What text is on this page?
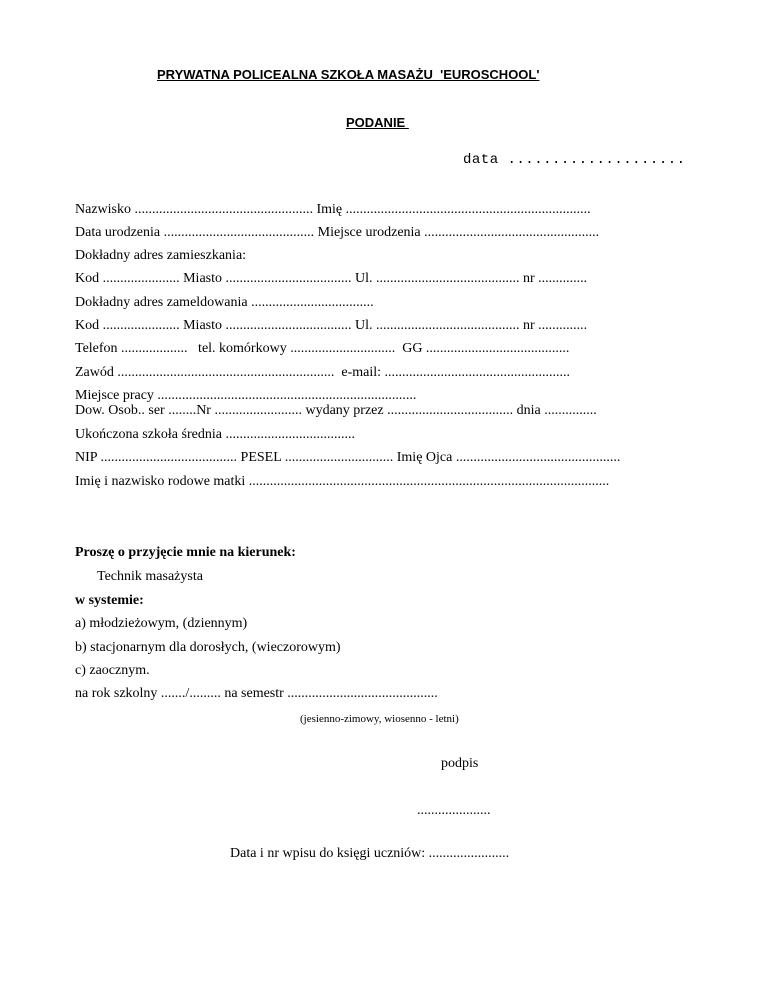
PRYWATNA POLICEALNA SZKOŁA MASAŻU  'EUROSCHOOL'
PODANIE
data ....................
Nazwisko ................................................... Imię ......................................................................
Data urodzenia ........................................... Miejsce urodzenia ..................................................
Dokładny adres zamieszkania:
Kod ...................... Miasto .................................... Ul. ......................................... nr ..............
Dokładny adres zameldowania ...................................
Kod ...................... Miasto .................................... Ul. ......................................... nr ..............
Telefon ...................   tel. komórkowy ..............................  GG .........................................
Zawód ..............................................................  e-mail: .....................................................
Miejsce pracy ..........................................................................
Dow. Osob.. ser ........Nr ......................... wydany przez .................................... dnia ...............
Ukończona szkoła średnia .....................................
NIP ....................................... PESEL ............................... Imię Ojca ...............................................
Imię i nazwisko rodowe matki .......................................................................................................
Proszę o przyjęcie mnie na kierunek:
Technik masażysta
w systemie:
a) młodzieżowym, (dziennym)
b) stacjonarnym dla dorosłych, (wieczorowym)
c) zaocznym.
na rok szkolny ......./......... na semestr ...........................................
(jesienno-zimowy, wiosenno - letni)
podpis
.....................
Data i nr wpisu do księgi uczniów: .......................
